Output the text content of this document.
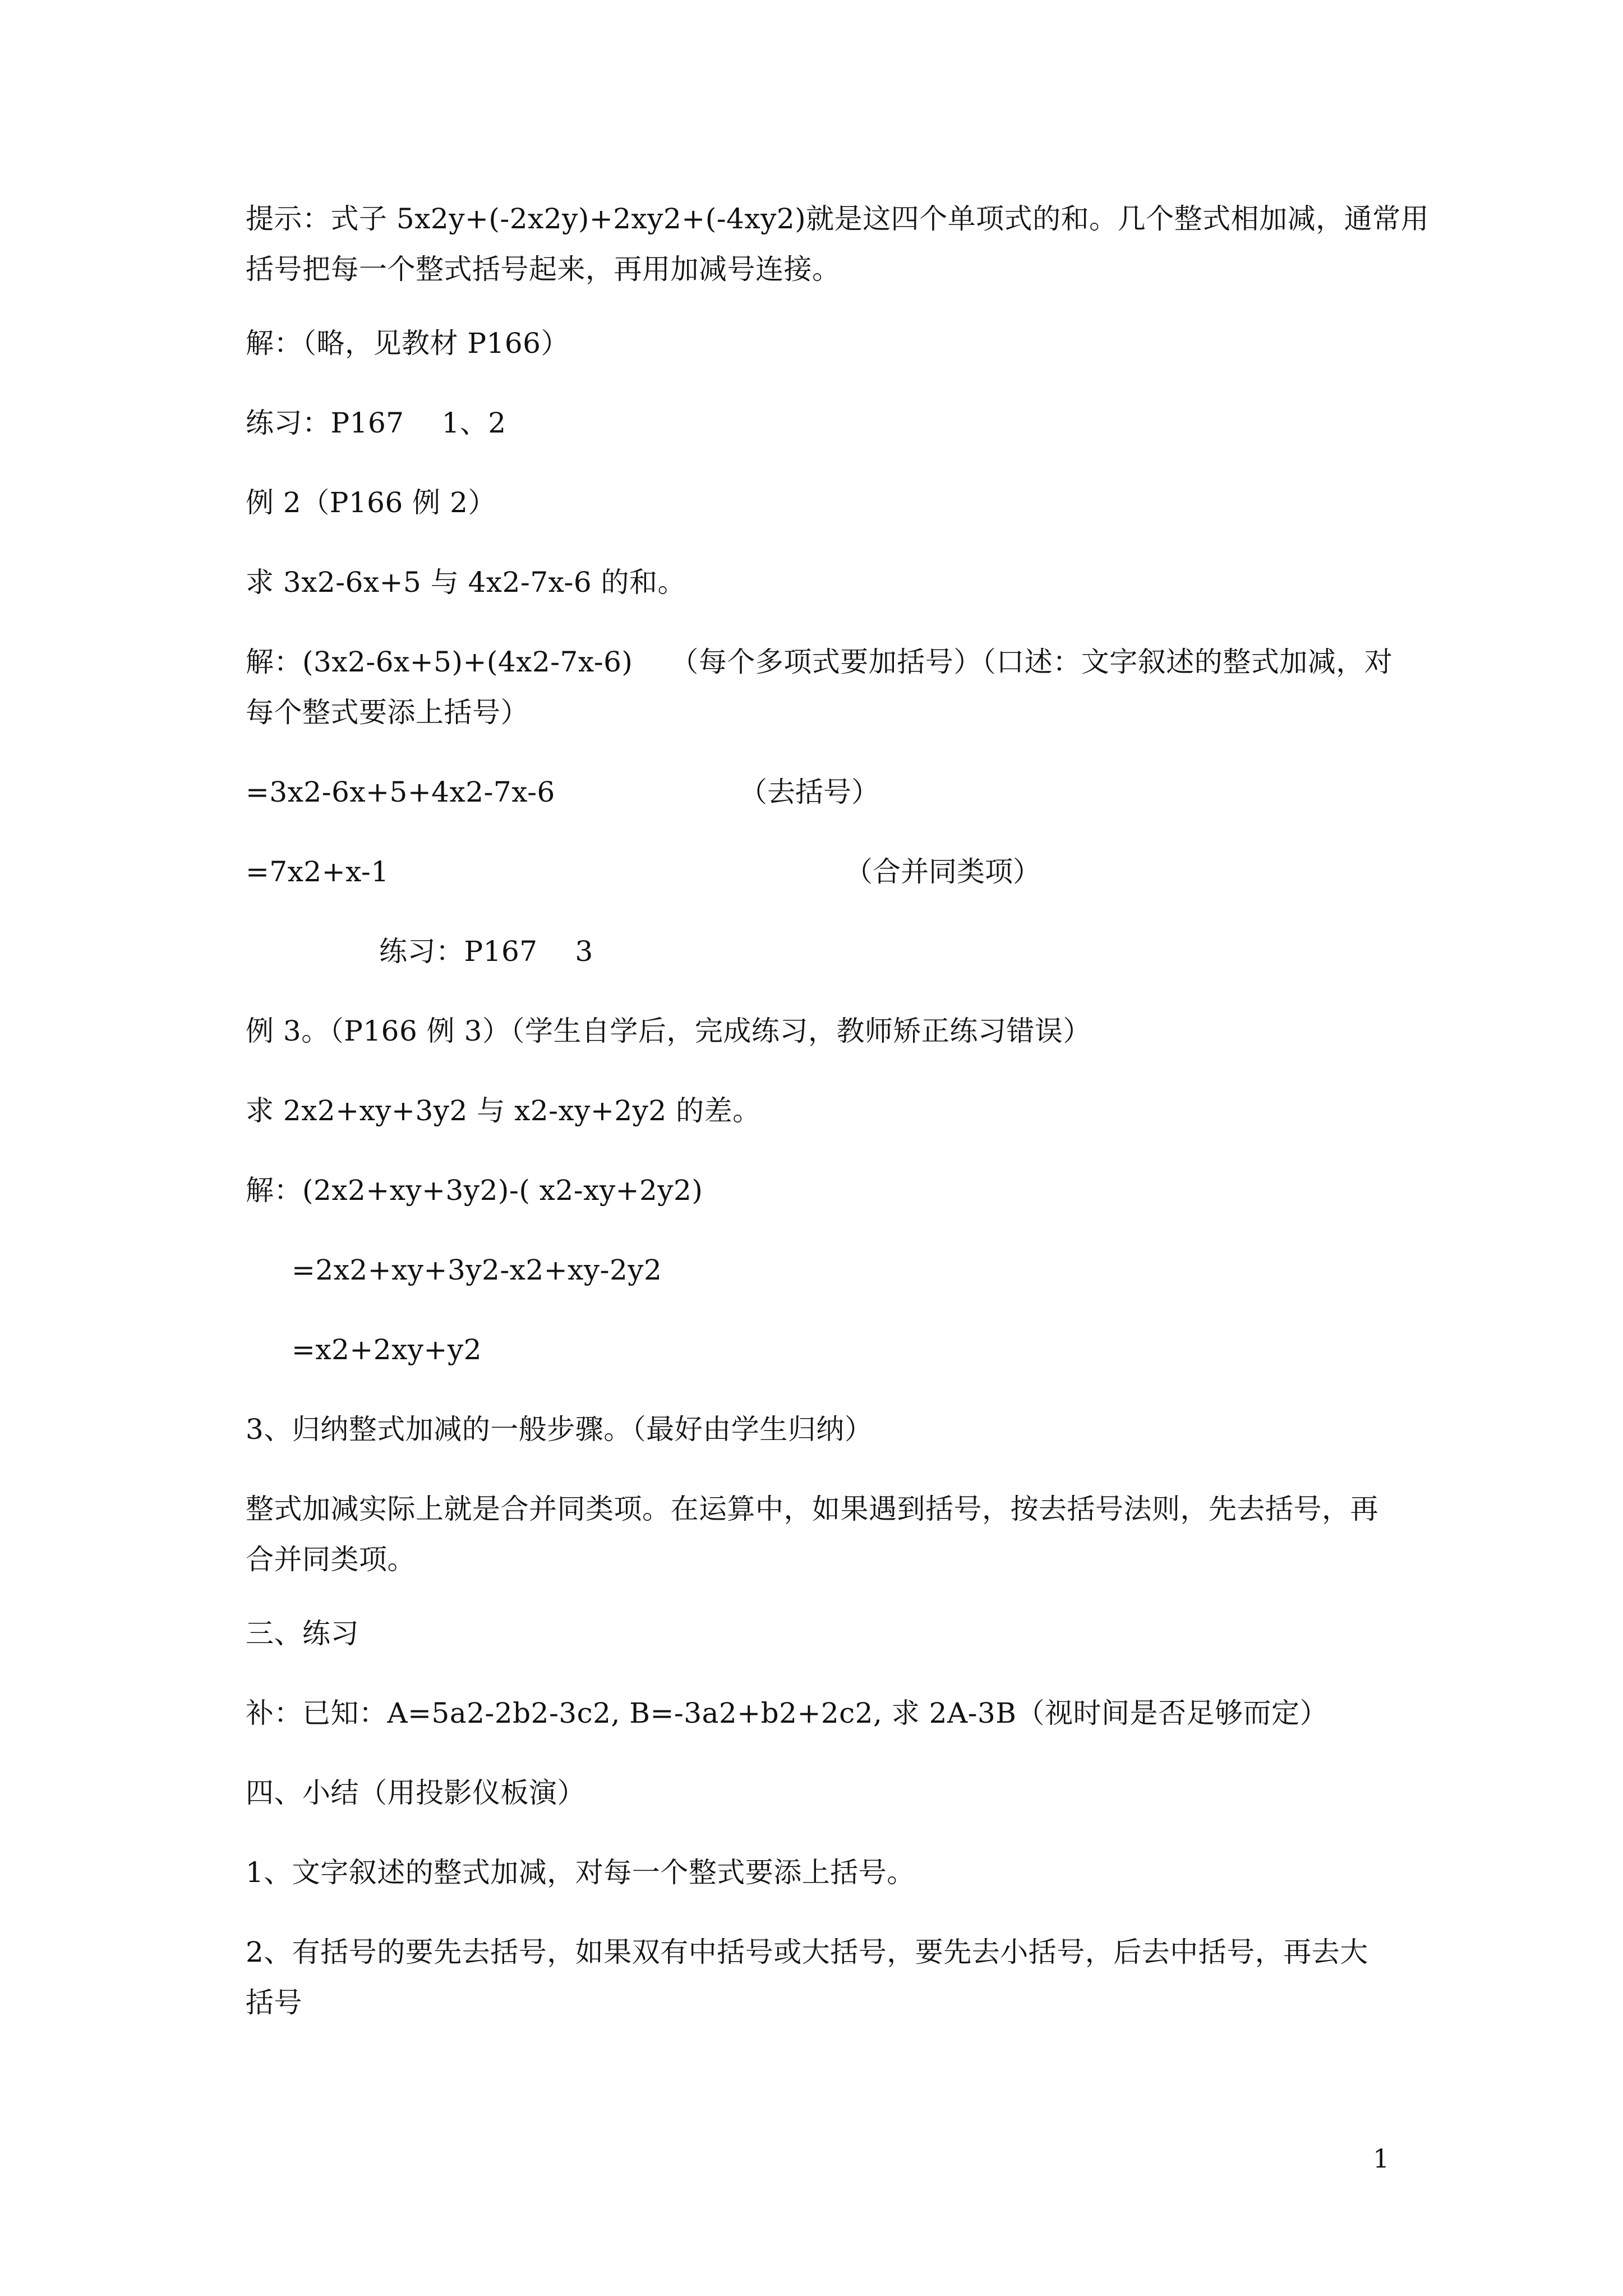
提示：式子 5x2y+(-2x2y)+2xy2+(-4xy2)就是这四个单项式的和。几个整式相加减，通常用
括号把每一个整式括号起来，再用加减号连接。
解：（略，见教材 P166）
练习：P167　 1、2
例 2（P166 例 2）
求 3x2-6x+5 与 4x2-7x-6 的和。
解：(3x2-6x+5)+(4x2-7x-6)　 （每个多项式要加括号）（口述：文字叙述的整式加减，对
每个整式要添上括号）
=3x2-6x+5+4x2-7x-6	（去括号）
=7x2+x-1	（合并同类项）
练习：P167　 3
例 3。（P166 例 3）（学生自学后，完成练习，教师矫正练习错误）
求 2x2+xy+3y2 与 x2-xy+2y2 的差。
解：(2x2+xy+3y2)-( x2-xy+2y2)
=2x2+xy+3y2-x2+xy-2y2
=x2+2xy+y2
3、归纳整式加减的一般步骤。（最好由学生归纳）
整式加减实际上就是合并同类项。在运算中，如果遇到括号，按去括号法则，先去括号，再
合并同类项。
三、练习
补：已知：A=5a2-2b2-3c2, B=-3a2+b2+2c2, 求 2A-3B（视时间是否足够而定）
四、小结（用投影仪板演）
1、文字叙述的整式加减，对每一个整式要添上括号。
2、有括号的要先去括号，如果双有中括号或大括号，要先去小括号，后去中括号，再去大
括号
1
